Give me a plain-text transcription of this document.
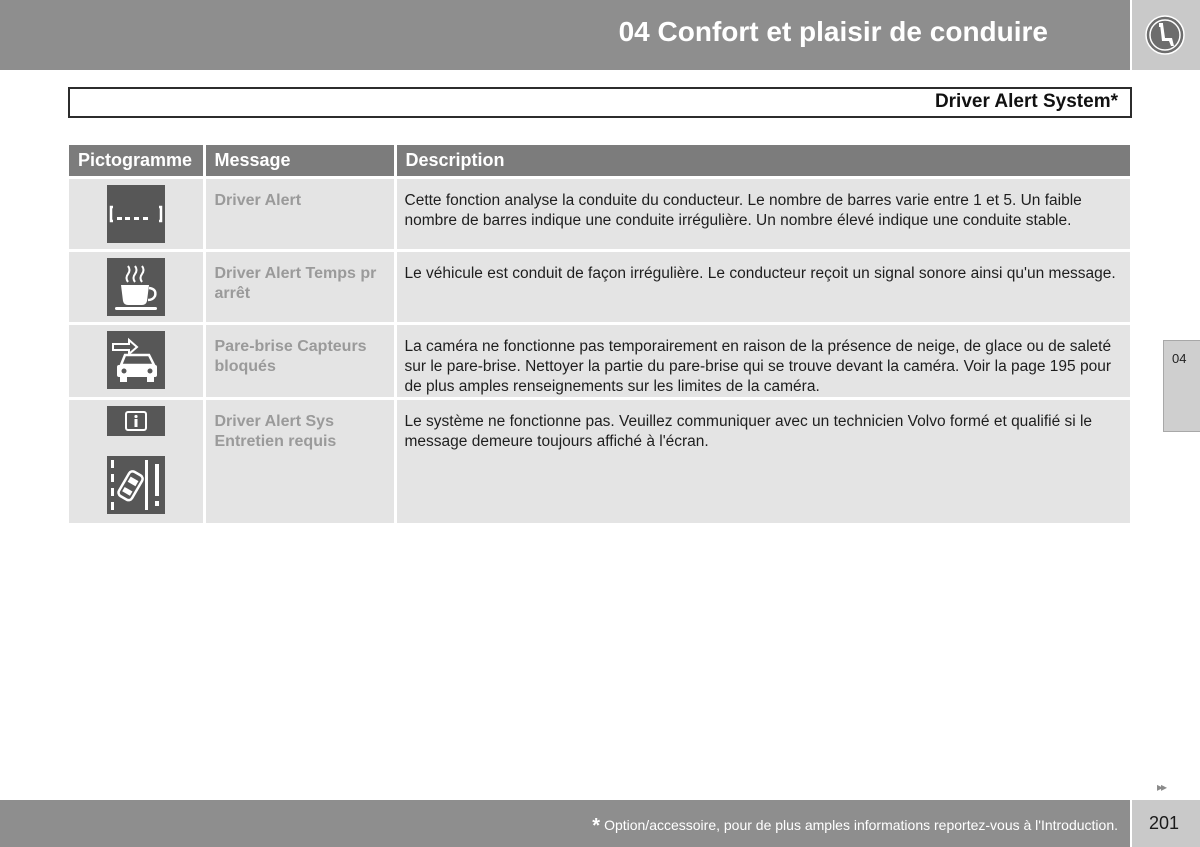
04 Confort et plaisir de conduire
Driver Alert System*
Pictogramme	Message	Description

	Driver Alert	Cette fonction analyse la conduite du conducteur. Le nombre de barres varie entre 1 et 5. Un faible nombre de barres indique une conduite irrégulière. Un nombre élevé indique une conduite stable.

	Driver Alert Temps pr arrêt	Le véhicule est conduit de façon irrégulière. Le conducteur reçoit un signal sonore ainsi qu'un message.

	Pare-brise Capteurs bloqués	La caméra ne fonctionne pas temporairement en raison de la présence de neige, de glace ou de saleté sur le pare-brise. Nettoyer la partie du pare-brise qui se trouve devant la caméra. Voir la page 195 pour de plus amples renseignements sur les limites de la caméra.

	Driver Alert Sys Entretien requis	Le système ne fonctionne pas. Veuillez communiquer avec un technicien Volvo formé et qualifié si le message demeure toujours affiché à l'écran.
04
▸▸
* Option/accessoire, pour de plus amples informations reportez-vous à l'Introduction. 201
